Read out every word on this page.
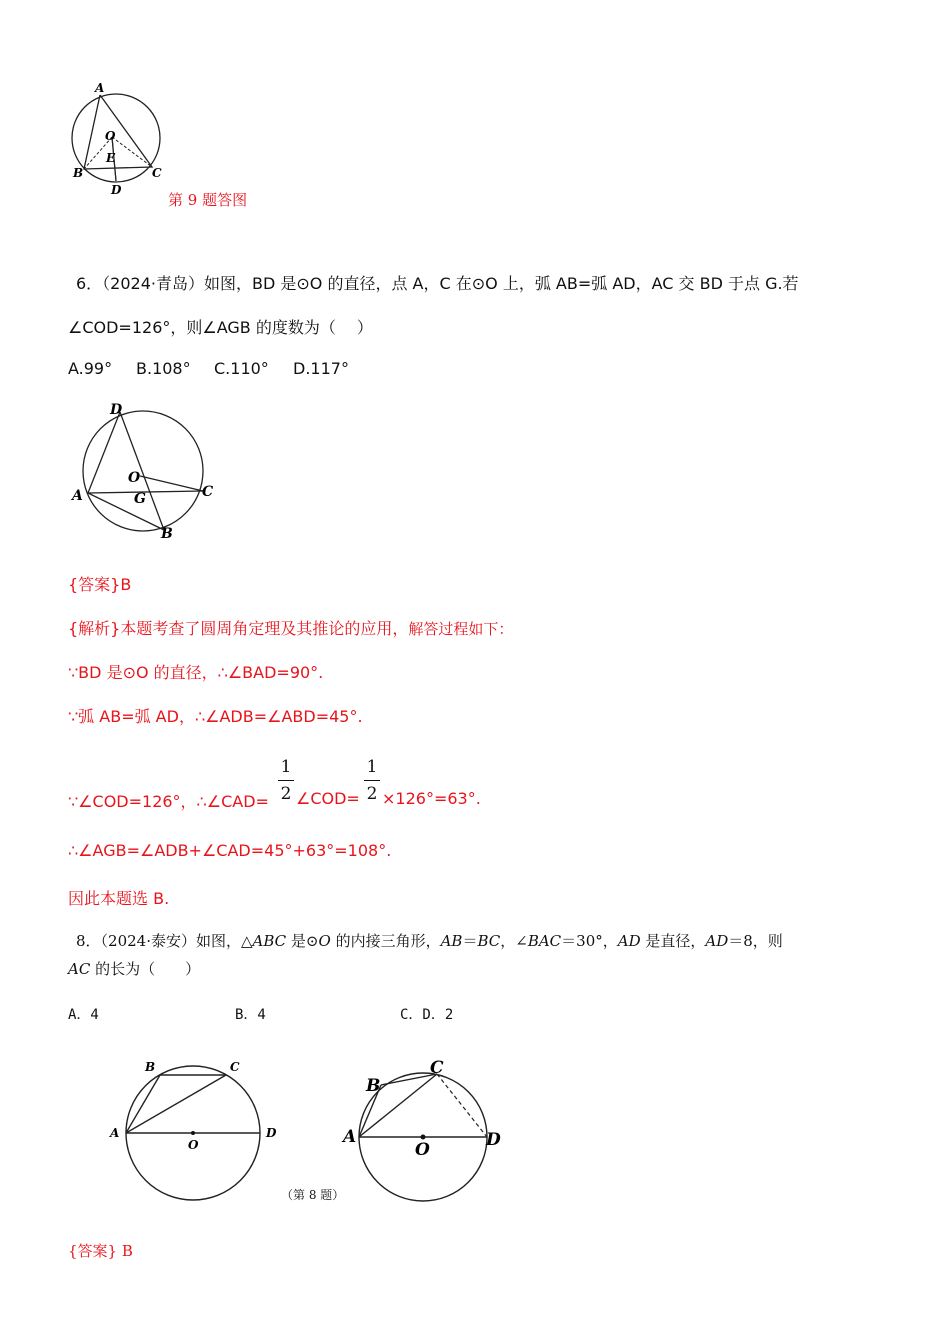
A
O
E
B	C
D
第 9 题答图
6．（2024·青岛）如图，BD 是⊙O 的直径，点 A，C 在⊙O 上，弧 AB=弧 AD，AC 交 BD 于点 G.若
∠COD=126°，则∠AGB 的度数为（　 ）
A.99° B.108° C.110° D.117°
D
O
A	G	C
B
{答案}B
{解析}本题考查了圆周角定理及其推论的应用，解答过程如下：
∵BD 是⊙O 的直径，∴∠BAD=90°.
∵弧 AB=弧 AD，∴∠ADB=∠ABD=45°.
∵∠COD=126°，∴∠CAD=
1
2 ∠COD=
1
2 ×126°=63°.
∴∠AGB=∠ADB+∠CAD=45°+63°=108°.
因此本题选 B.
8．（2024·泰安）如图，△ABC 是⊙O 的内接三角形，AB＝BC，∠BAC＝30°，AD 是直径，AD＝8，则
AC 的长为（　　）
A．4	B．4	C．D．2
B	C
A	D
O
（第 8 题）
B
C
A	D
O
{答案} B
